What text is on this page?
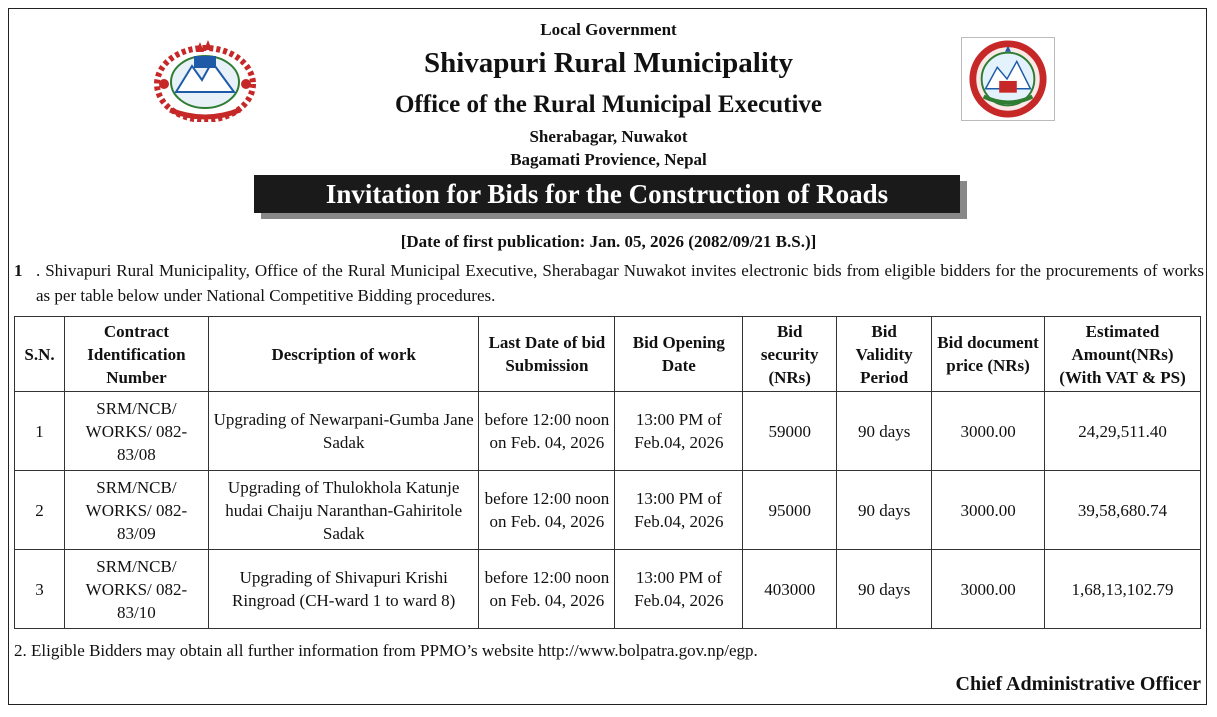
Local Government
Shivapuri Rural Municipality
Office of the Rural Municipal Executive
Sherabagar, Nuwakot
Bagamati Provience, Nepal
Invitation for Bids for the Construction of Roads
[Date of first publication: Jan. 05, 2026 (2082/09/21 B.S.)]
1 . Shivapuri Rural Municipality, Office of the Rural Municipal Executive, Sherabagar Nuwakot invites electronic bids from eligible bidders for the procurements of works as per table below under National Competitive Bidding procedures.
S.N.	Contract Identification Number	Description of work	Last Date of bid Submission	Bid Opening Date	Bid security (NRs)	Bid Validity Period	Bid document price (NRs)	Estimated Amount(NRs) (With VAT & PS)
1	SRM/NCB/ WORKS/ 082-83/08	Upgrading of Newarpani-Gumba Jane Sadak	before 12:00 noon on Feb. 04, 2026	13:00 PM of Feb.04, 2026	59000	90 days	3000.00	24,29,511.40
2	SRM/NCB/ WORKS/ 082-83/09	Upgrading of Thulokhola Katunje hudai Chaiju Naranthan-Gahiritole Sadak	before 12:00 noon on Feb. 04, 2026	13:00 PM of Feb.04, 2026	95000	90 days	3000.00	39,58,680.74
3	SRM/NCB/ WORKS/ 082-83/10	Upgrading of Shivapuri Krishi Ringroad (CH-ward 1 to ward 8)	before 12:00 noon on Feb. 04, 2026	13:00 PM of Feb.04, 2026	403000	90 days	3000.00	1,68,13,102.79
2. Eligible Bidders may obtain all further information from PPMO’s website http://www.bolpatra.gov.np/egp.
Chief Administrative Officer
